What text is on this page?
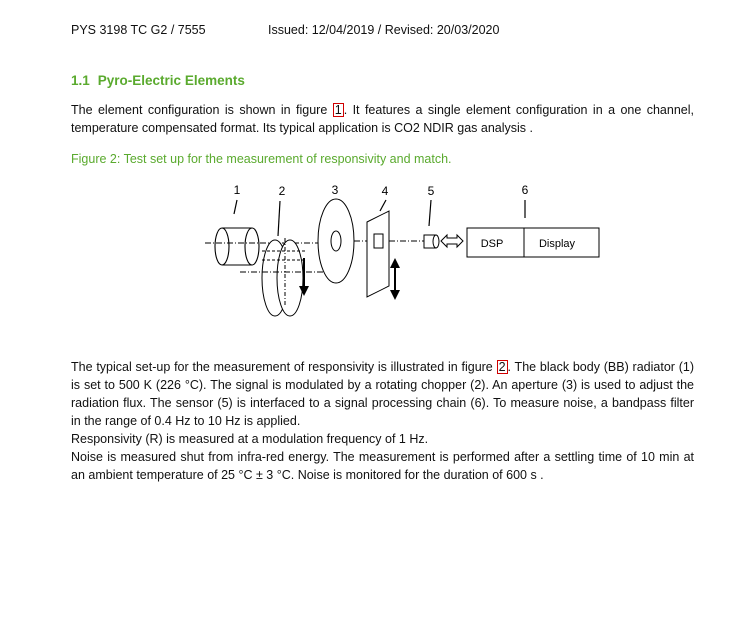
PYS 3198 TC G2 / 7555	Issued: 12/04/2019 / Revised: 20/03/2020
1.1 Pyro-Electric Elements

The element configuration is shown in figure 1 . It features a single element configuration in a one channel, temperature compensated format. Its typical application is CO2 NDIR gas analysis .

Figure 2: Test set up for the measurement of responsivity and match.
1	2	3	4	5	6
DSP	Display
The typical set-up for the measurement of responsivity is illustrated in figure 2 . The black body (BB) radiator (1) is set to 500 K (226 °C). The signal is modulated by a rotating chopper (2). An aperture (3) is used to adjust the radiation flux. The sensor (5) is interfaced to a signal processing chain (6). To measure noise, a bandpass filter in the range of 0.4 Hz to 10 Hz is applied.
Responsivity (R) is measured at a modulation frequency of 1 Hz.
Noise is measured shut from infra-red energy. The measurement is performed after a settling time of 10 min at an ambient temperature of 25 °C ± 3 °C. Noise is monitored for the duration of 600 s .
